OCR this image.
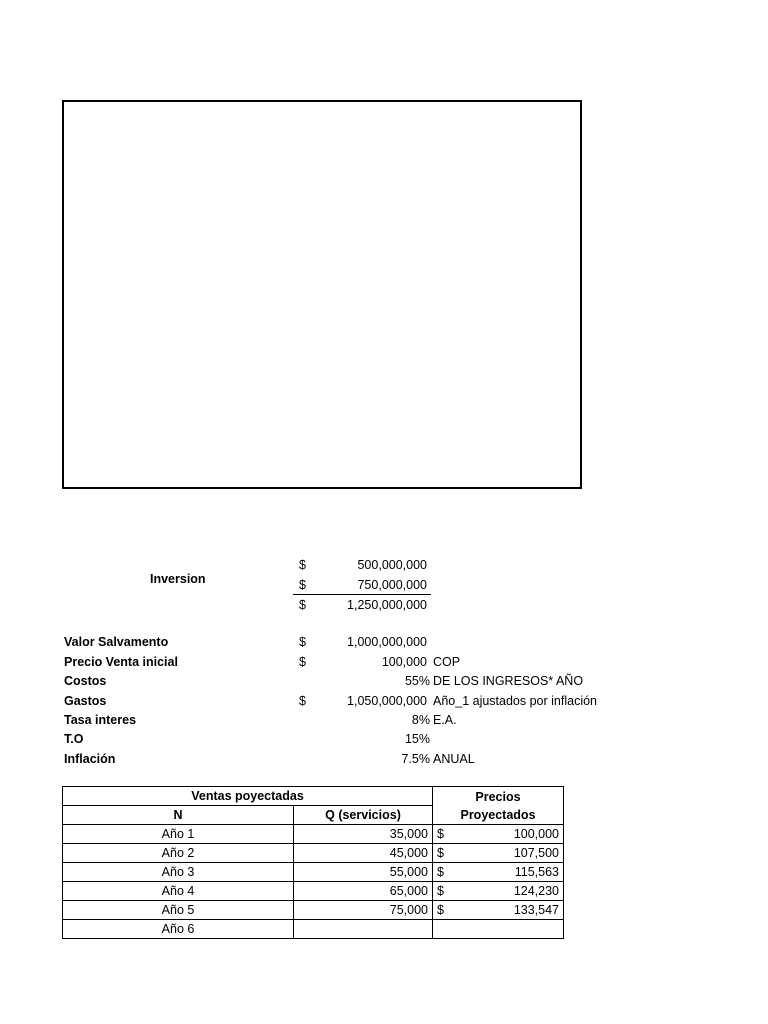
Inversion
$	500,000,000
$	750,000,000
$	1,250,000,000
Valor Salvamento	$	1,000,000,000
Precio Venta inicial	$	100,000 COP
Costos	55% DE LOS INGRESOS* AÑO
Gastos	$	1,050,000,000 Año_1 ajustados por inflación
Tasa interes	8% E.A.
T.O	15%
Inflación	7.5% ANUAL
Ventas poyectadas		Precios Proyectados
N	Q (servicios)	
Año 1	35,000	$ 100,000

Año 2	45,000	$ 107,500

Año 3	55,000	$ 115,563

Año 4	65,000	$ 124,230

Año 5	75,000	$ 133,547

Año 6		
